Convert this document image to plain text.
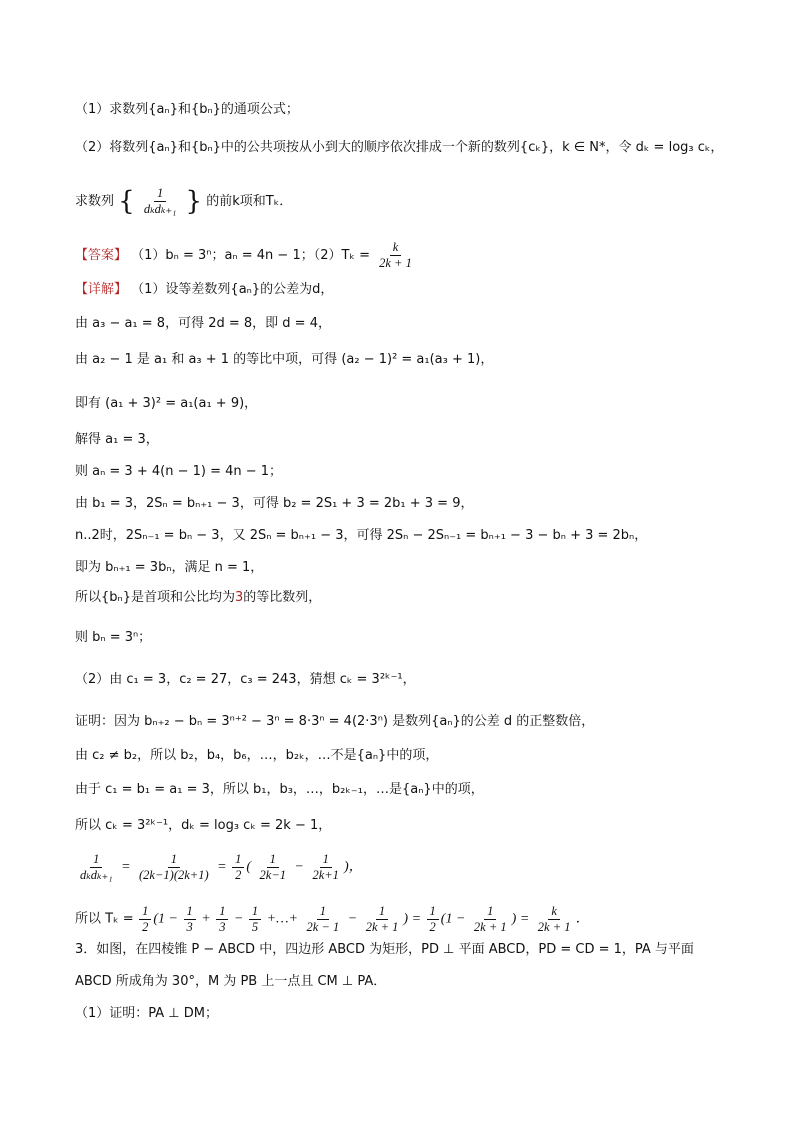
（1）求数列{aₙ}和{bₙ}的通项公式；
（2）将数列{aₙ}和{bₙ}中的公共项按从小到大的顺序依次排成一个新的数列{cₖ}，k ∈ N*，令 dₖ = log₃ cₖ，
求数列 { $\frac{1}{\text{dₖdₖ₊₁}}$ } 的前k项和Tₖ．
【答案】 （1）bₙ = 3ⁿ；aₙ = 4n − 1；$(2)T_k = \frac{k}{2k + 1}$
【详解】 （1）设等差数列{aₙ}的公差为d，
由 a₃ − a₁ = 8，可得 2d = 8，即 d = 4，
由 a₂ − 1 是 a₁ 和 a₃ + 1 的等比中项，可得 (a₂ − 1)² = a₁(a₃ + 1)，
即有 (a₁ + 3)² = a₁(a₁ + 9)，
解得 a₁ = 3，
则 aₙ = 3 + 4(n − 1) = 4n − 1；
由 b₁ = 3，2Sₙ = bₙ₊₁ − 3，可得 b₂ = 2S₁ + 3 = 2b₁ + 3 = 9，
n..2时，2Sₙ₋₁ = bₙ − 3，又 2Sₙ = bₙ₊₁ − 3，可得 2Sₙ − 2Sₙ₋₁ = bₙ₊₁ − 3 − bₙ + 3 = 2bₙ，
即为 bₙ₊₁ = 3bₙ，满足 n = 1，
所以{bₙ}是首项和公比均为3的等比数列，
则 bₙ = 3ⁿ；
（2）由 c₁ = 3，c₂ = 27，c₃ = 243，猜想 cₖ = 3²ᵏ⁻¹，
证明：因为 bₙ₊₂ − bₙ = 3ⁿ⁺² − 3ⁿ = 8·3ⁿ = 4(2·3ⁿ) 是数列{aₙ}的公差 d 的正整数倍，
由 c₂ ≠ b₂，所以 b₂，b₄，b₆，…，b₂ₖ，…不是{aₙ}中的项，
由于 c₁ = b₁ = a₁ = 3，所以 b₁，b₃，…，b₂ₖ₋₁，…是{aₙ}中的项，
所以 cₖ = 3²ᵏ⁻¹，dₖ = log₃ cₖ = 2k − 1，
$\frac{1}{\text{dₖdₖ₊₁}} = \frac{1}{(2k-1)(2k+1)} = \frac{1}{2}$ ( $\frac{1}{2k-1} - \frac{1}{2k+1}$ )，
所以 $T_k = \frac{1}{2} (1 - \frac{1}{3} + \frac{1}{3} - \frac{1}{5}$ +…+ $\frac{1}{2k - 1} - \frac{1}{2k + 1}$ ) = $\frac{1}{2} (1 - \frac{1}{2k + 1}$ ) = $\frac{k}{2k + 1}$ ．
3．如图，在四棱锥 P − ABCD 中，四边形 ABCD 为矩形，PD ⊥ 平面 ABCD，PD = CD = 1，PA 与平面
ABCD 所成角为 30°，M 为 PB 上一点且 CM ⊥ PA．
（1）证明：PA ⊥ DM；
